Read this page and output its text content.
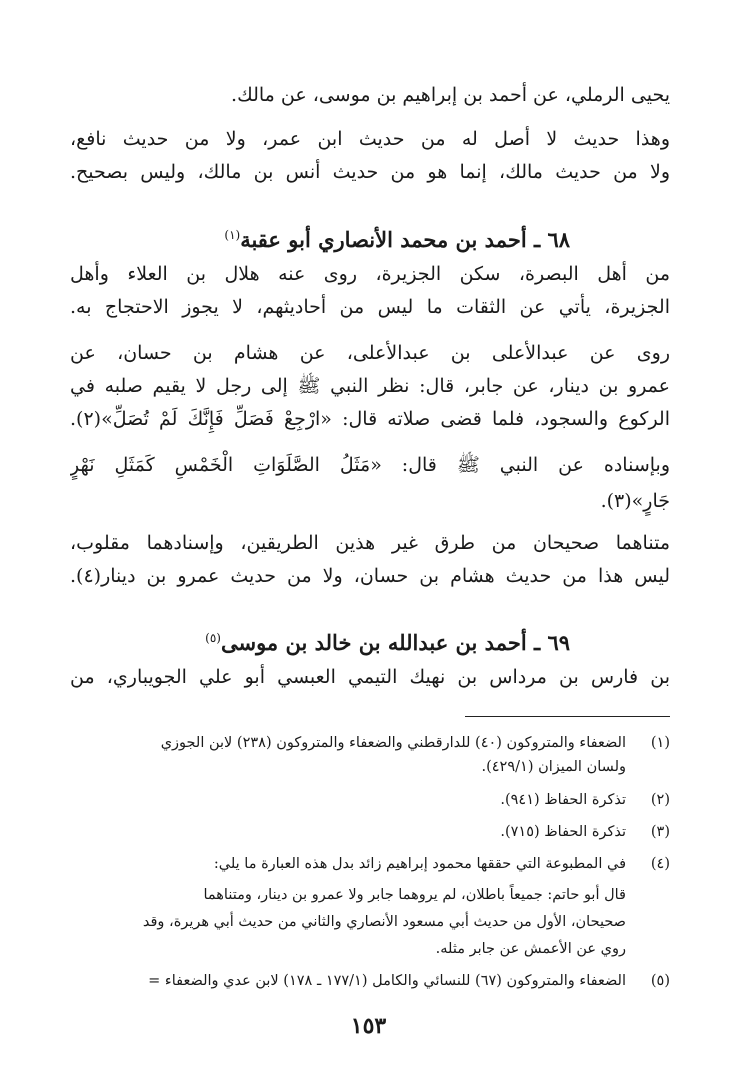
يحيى الرملي، عن أحمد بن إبراهيم بن موسى، عن مالك.
وهذا حديث لا أصل له من حديث ابن عمر، ولا من حديث نافع،
ولا من حديث مالك، إنما هو من حديث أنس بن مالك، وليس بصحيح.
٦٨ ـ أحمد بن محمد الأنصاري أبو عقبة$^{(١)}$
من أهل البصرة، سكن الجزيرة، روى عنه هلال بن العلاء وأهل
الجزيرة، يأتي عن الثقات ما ليس من أحاديثهم، لا يجوز الاحتجاج به.
روى عن عبدالأعلى بن عبدالأعلى، عن هشام بن حسان، عن
عمرو بن دينار، عن جابر، قال: نظر النبي ﷺ إلى رجل لا يقيم صلبه في
الركوع والسجود، فلما قضى صلاته قال: «ارْجِعْ فَصَلِّ فَإِنَّكَ لَمْ تُصَلِّ»(٢).
وبإسناده عن النبي ﷺ قال: «مَثَلُ الصَّلَوَاتِ الْخَمْسِ كَمَثَلِ نَهْرٍ
جَارٍ»(٣).
متناهما صحيحان من طرق غير هذين الطريقين، وإسنادهما مقلوب،
ليس هذا من حديث هشام بن حسان، ولا من حديث عمرو بن دينار(٤).
٦٩ ـ أحمد بن عبدالله بن خالد بن موسى$^{(٥)}$
بن فارس بن مرداس بن نهيك التيمي العبسي أبو علي الجويباري، من
(١)الضعفاء والمتروكون (٤٠) للدارقطني والضعفاء والمتروكون (٢٣٨) لابن الجوزي
ولسان الميزان (٤٢٩/١).
(٢)تذكرة الحفاظ (٩٤١).
(٣)تذكرة الحفاظ (٧١٥).
(٤)في المطبوعة التي حققها محمود إبراهيم زائد بدل هذه العبارة ما يلي:
قال أبو حاتم: جميعاً باطلان، لم يروهما جابر ولا عمرو بن دينار، ومتناهما
صحيحان، الأول من حديث أبي مسعود الأنصاري والثاني من حديث أبي هريرة، وقد
روي عن الأعمش عن جابر مثله.
(٥)الضعفاء والمتروكون (٦٧) للنسائي والكامل (١٧٧/١ ـ ١٧٨) لابن عدي والضعفاء =
١٥٣
